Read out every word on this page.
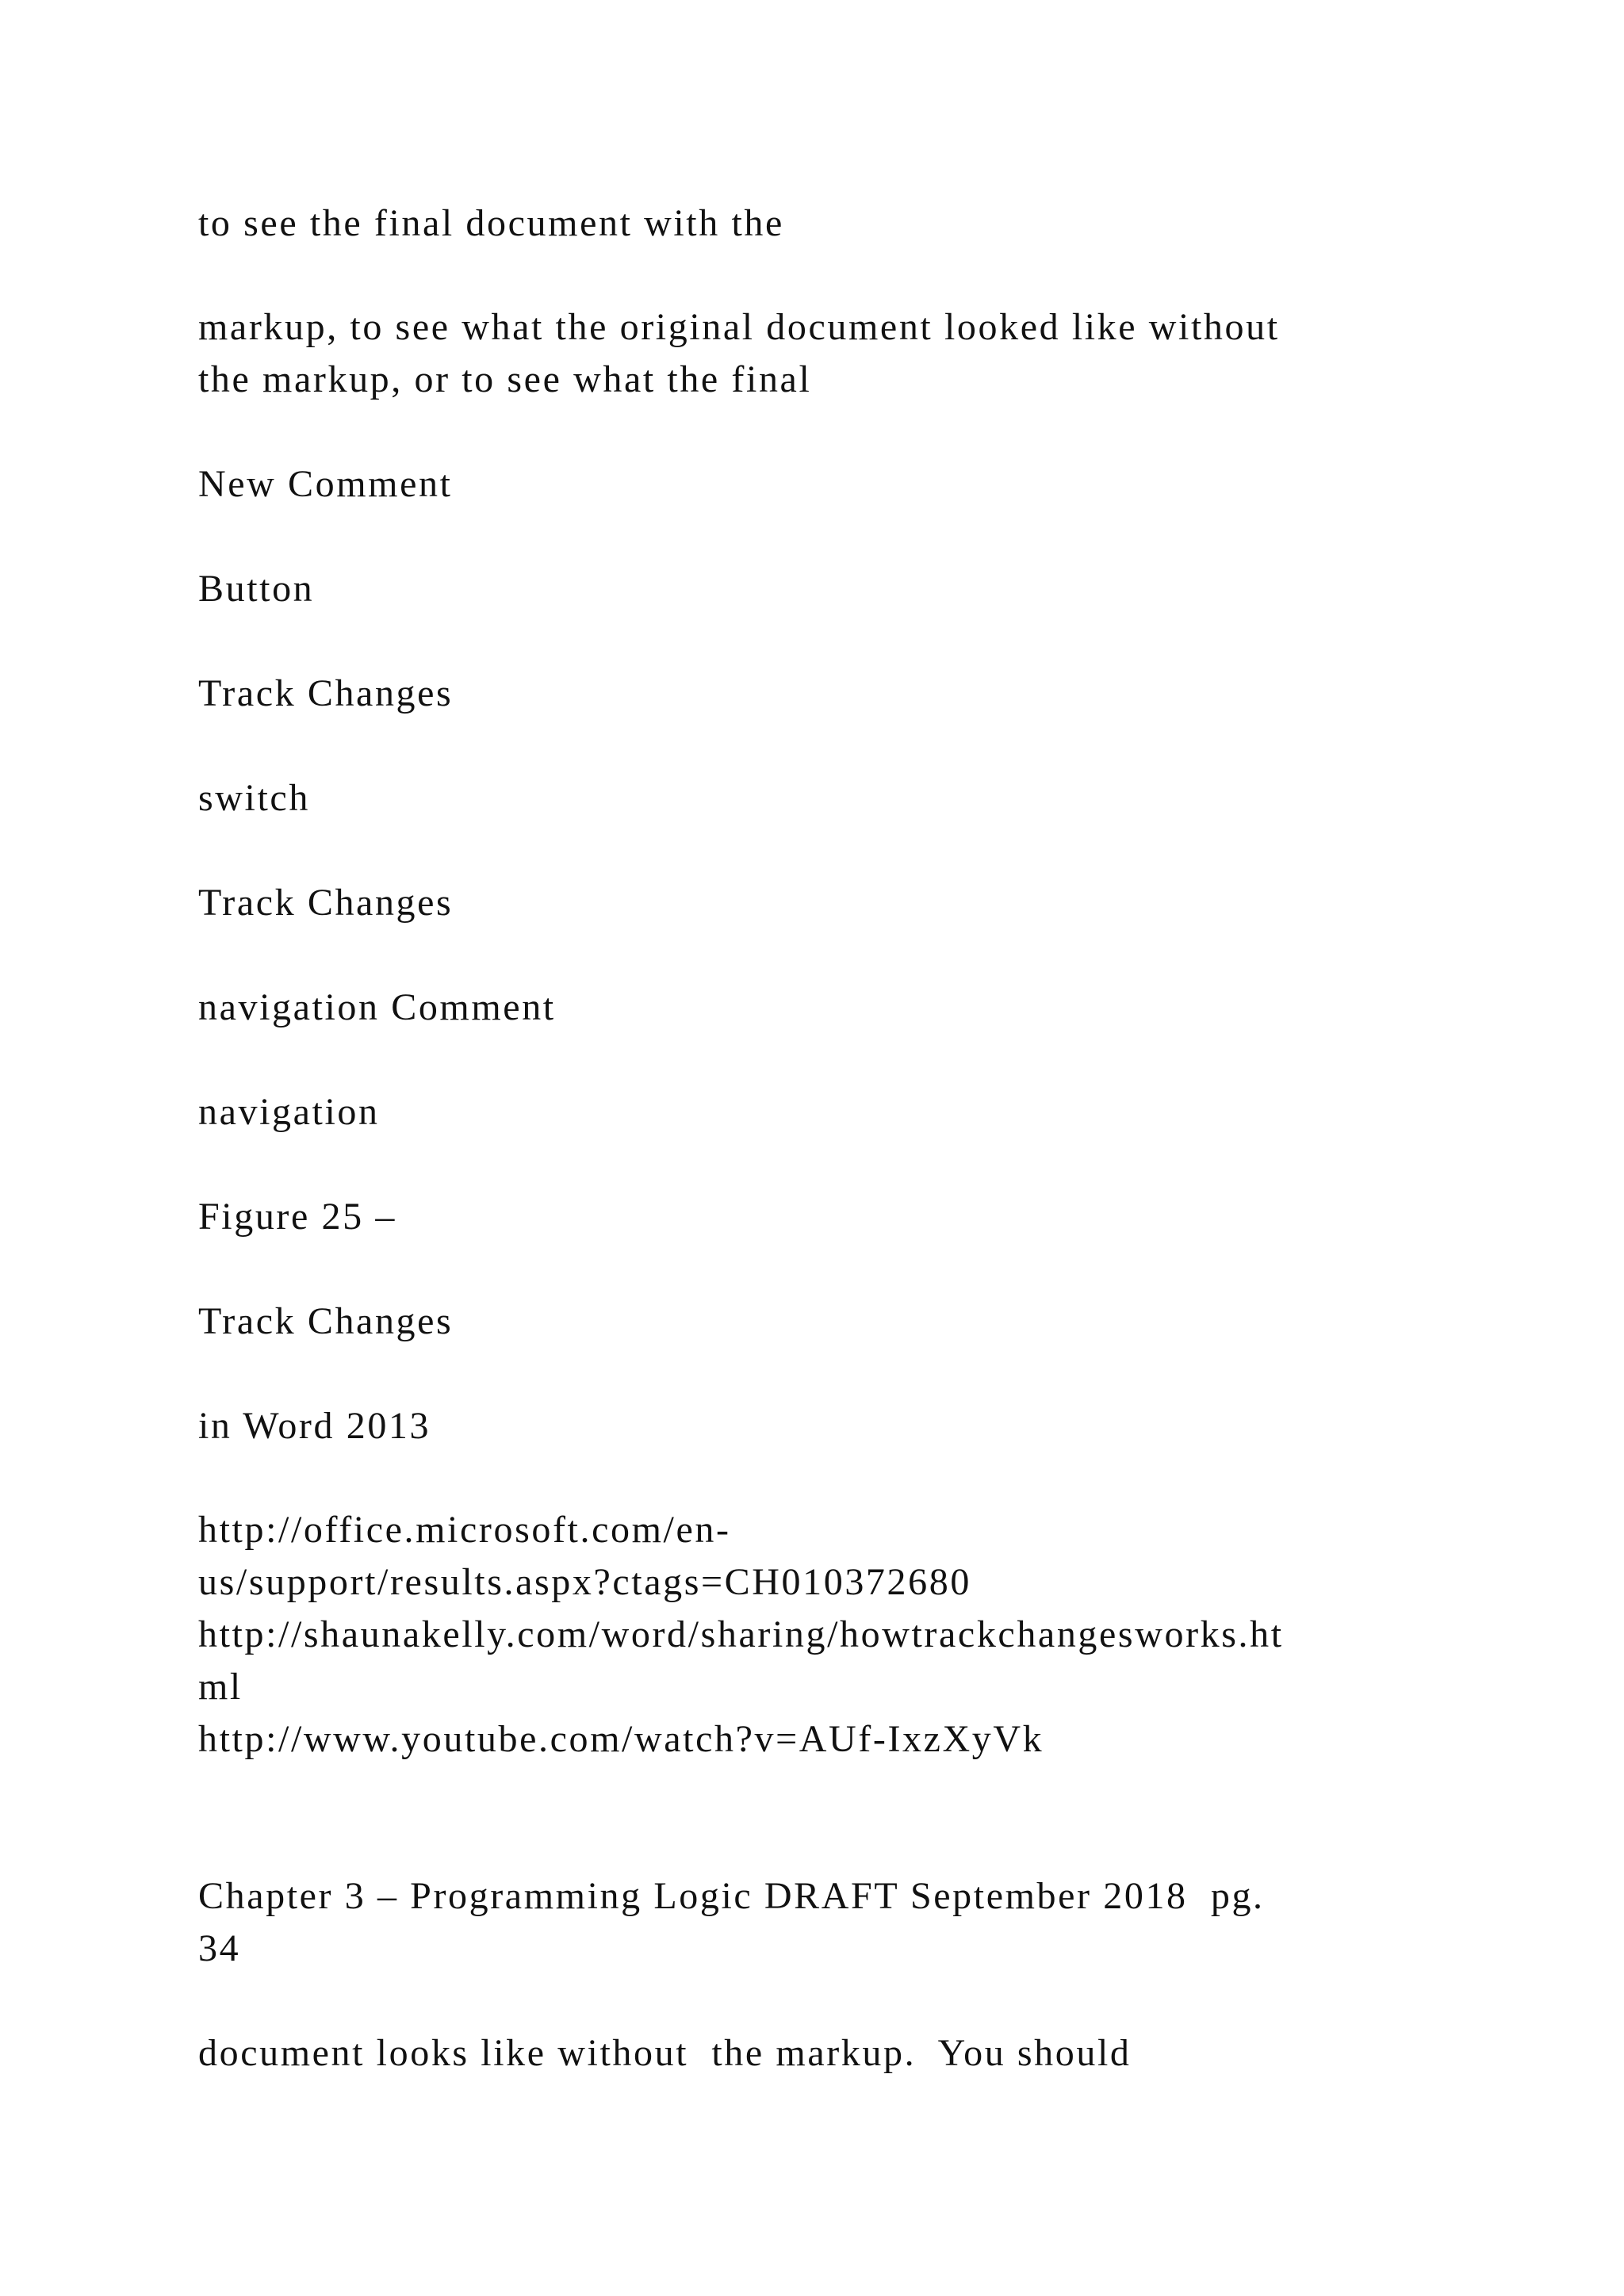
to see the final document with the

markup, to see what the original document looked like without

the markup, or to see what the final

New Comment

Button

Track Changes

switch

Track Changes

navigation Comment

navigation

Figure 25 –

Track Changes

in Word 2013

http://office.microsoft.com/en-

us/support/results.aspx?ctags=CH010372680

http://shaunakelly.com/word/sharing/howtrackchangesworks.ht

ml

http://www.youtube.com/watch?v=AUf-IxzXyVk

Chapter 3 – Programming Logic DRAFT September 2018  pg.

34

document looks like without  the markup.  You should
